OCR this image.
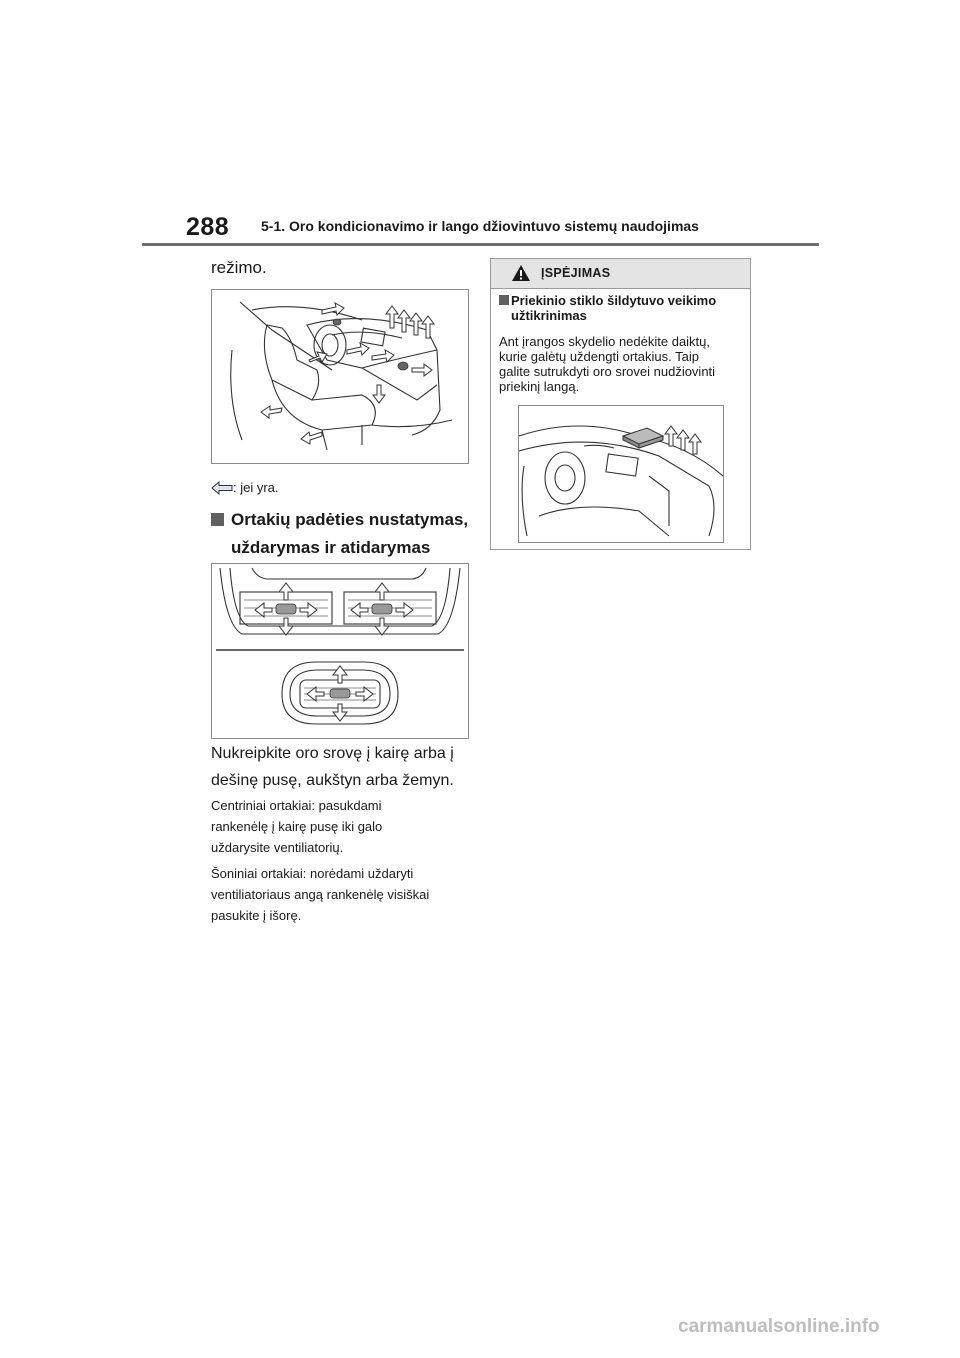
288 5-1. Oro kondicionavimo ir lango džiovintuvo sistemų naudojimas
režimo.
: jei yra.
Ortakių padėties nustatymas,
uždarymas ir atidarymas
Nukreipkite oro srovę į kairę arba į
dešinę pusę, aukštyn arba žemyn.
Centriniai ortakiai: pasukdami
rankenėlę į kairę pusę iki galo
uždarysite ventiliatorių.
Šoniniai ortakiai: norėdami uždaryti
ventiliatoriaus angą rankenėlę visiškai
pasukite į išorę.
ĮSPĖJIMAS
Priekinio stiklo šildytuvo veikimo
užtikrinimas
Ant įrangos skydelio nedėkite daiktų,
kurie galėtų uždengti ortakius. Taip
galite sutrukdyti oro srovei nudžiovinti
priekinį langą.
carmanualsonline.info
